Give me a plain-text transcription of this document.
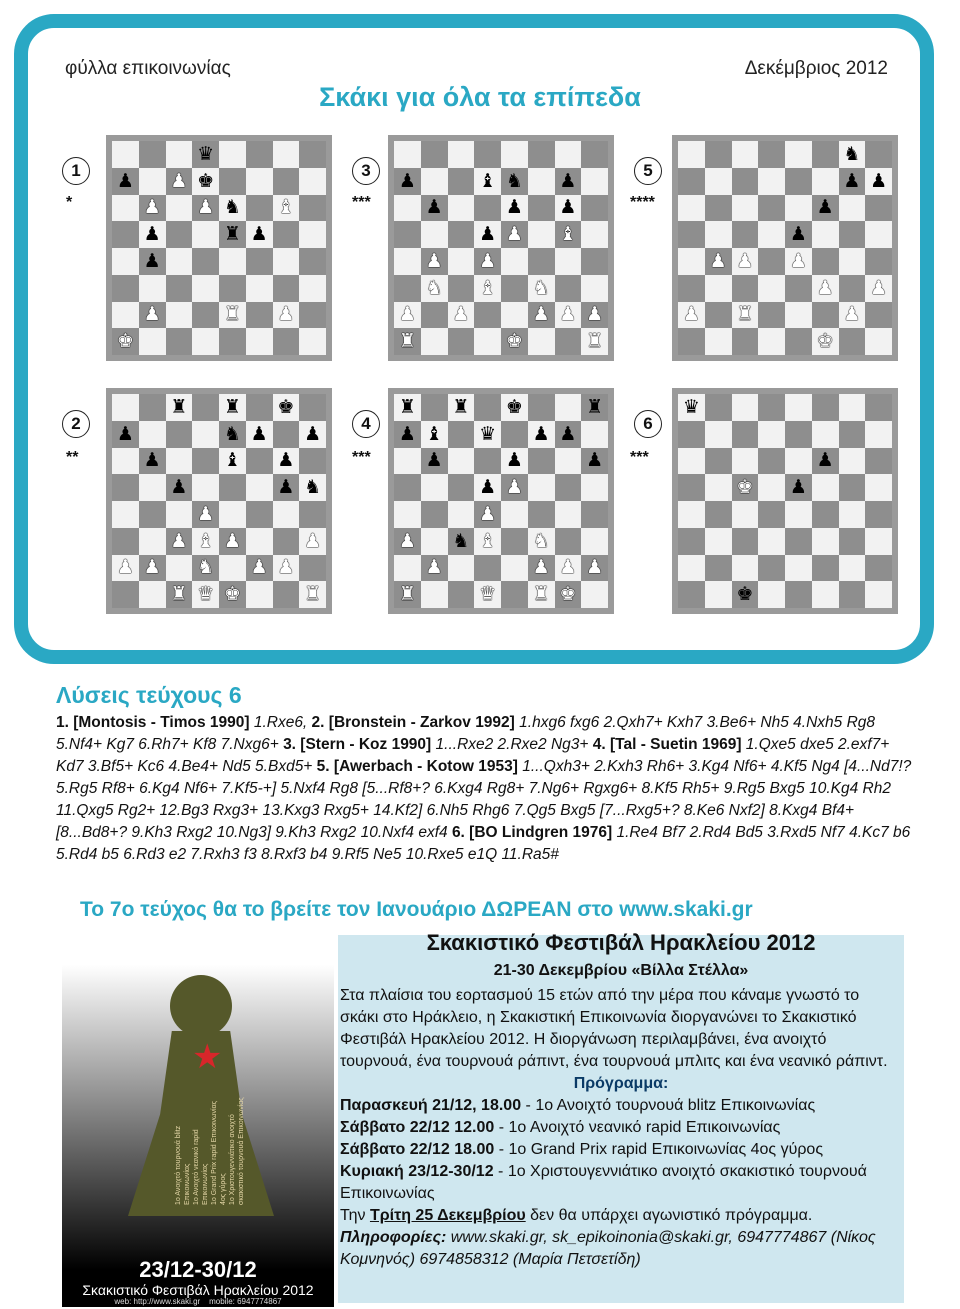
φύλλα επικοινωνίας	Δεκέμβριος 2012
Σκάκι για όλα τα επίπεδα
1
*
♛
♟ ♟ ♚
♟ ♟ ♞ ♝
♟	♜ ♟
♟
♟	♜ ♟
♚
2
**
♜ ♜ ♚
♟	♞ ♟ ♟
♟	♝ ♟
♟	♟ ♞
♟
♟ ♝ ♟	♟
♟ ♟ ♞ ♟ ♟
♜ ♛ ♚	♜
3
***
♟	♝ ♞ ♟
♟	♟ ♟
♟ ♟ ♝
♟ ♟
♞ ♝ ♞
♟ ♟	♟ ♟ ♟
♜	♚	♜
4
***
♜ ♜ ♚	♜
♟ ♝ ♛ ♟ ♟
♟	♟	♟
♟ ♟
♟
♟ ♞ ♝ ♞
♟	♟ ♟ ♟
♜	♛ ♜ ♚
5
****
♞
♟ ♟
♟
♟
♟ ♟ ♟
♟ ♟
♟ ♜	♟
♚
6
***
♛
♟
♚ ♟
♚
Λύσεις τεύχους 6
1. [Montosis - Timos 1990] 1.Rxe6, 2. [Bronstein - Zarkov 1992] 1.hxg6 fxg6 2.Qxh7+ Kxh7 3.Be6+ Nh5 4.Nxh5 Rg8 5.Nf4+ Kg7 6.Rh7+ Kf8 7.Nxg6+ 3. [Stern - Koz 1990] 1...Rxe2 2.Rxe2 Ng3+ 4. [Tal - Suetin 1969] 1.Qxe5 dxe5 2.exf7+ Kd7 3.Bf5+ Kc6 4.Be4+ Nd5 5.Bxd5+ 5. [Awerbach - Kotow 1953] 1...Qxh3+ 2.Kxh3 Rh6+ 3.Kg4 Nf6+ 4.Kf5 Ng4 [4...Nd7!? 5.Rg5 Rf8+ 6.Kg4 Nf6+ 7.Kf5-+] 5.Nxf4 Rg8 [5...Rf8+? 6.Kxg4 Rg8+ 7.Ng6+ Rgxg6+ 8.Kf5 Rh5+ 9.Rg5 Bxg5 10.Kg4 Rh2 11.Qxg5 Rg2+ 12.Bg3 Rxg3+ 13.Kxg3 Rxg5+ 14.Kf2] 6.Nh5 Rhg6 7.Qg5 Bxg5 [7...Rxg5+? 8.Ke6 Nxf2] 8.Kxg4 Bf4+ [8...Bd8+? 9.Kh3 Rxg2 10.Ng3] 9.Kh3 Rxg2 10.Nxf4 exf4 6. [BO Lindgren 1976] 1.Re4 Bf7 2.Rd4 Bd5 3.Rxd5 Nf7 4.Kc7 b6 5.Rd4 b5 6.Rd3 e2 7.Rxh3 f3 8.Rxf3 b4 9.Rf5 Ne5 10.Rxe5 e1Q 11.Ra5#
Το 7ο τεύχος θα το βρείτε τον Ιανουάριο ΔΩΡΕΑΝ στο www.skaki.gr
★
1ο Ανοιχτό τουρνουά blitz Επικοινωνίας 1ο Ανοιχτό νεανικό rapid Επικοινωνίας 1ο Grand Prix rapid Επικοινωνίας 4ος γύρος 1ο Χριστουγεννιάτικο ανοιχτό σκακιστικό τουρνουά Επικοινωνίας
23/12-30/12
Σκακιστικό Φεστιβάλ Ηρακλείου 2012
web: http://www.skaki.gr mobile: 6947774867
Σκακιστικό Φεστιβάλ Ηρακλείου 2012
21-30 Δεκεμβρίου «Βίλλα Στέλλα»
Στα πλαίσια του εορτασμού 15 ετών από την μέρα που κάναμε γνωστό το σκάκι στο Ηράκλειο, η Σκακιστική Επικοινωνία διοργανώνει το Σκακιστικό Φεστιβάλ Ηρακλείου 2012. Η διοργάνωση περιλαμβάνει, ένα ανοιχτό τουρνουά, ένα τουρνουά ράπιντ, ένα τουρνουά μπλιτς και ένα νεανικό ράπιντ.
Πρόγραμμα:
Παρασκευή 21/12, 18.00 - 1ο Ανοιχτό τουρνουά blitz Επικοινωνίας
Σάββατο 22/12 12.00 - 1ο Ανοιχτό νεανικό rapid Επικοινωνίας
Σάββατο 22/12 18.00 - 1ο Grand Prix rapid Επικοινωνίας 4ος γύρος
Κυριακή 23/12-30/12 - 1ο Χριστουγεννιάτικο ανοιχτό σκακιστικό τουρνουά Επικοινωνίας
Την Τρίτη 25 Δεκεμβρίου δεν θα υπάρχει αγωνιστικό πρόγραμμα.
Πληροφορίες: www.skaki.gr, sk_epikoinonia@skaki.gr, 6947774867 (Νίκος Κομνηνός) 6974858312 (Μαρία Πετσετίδη)
